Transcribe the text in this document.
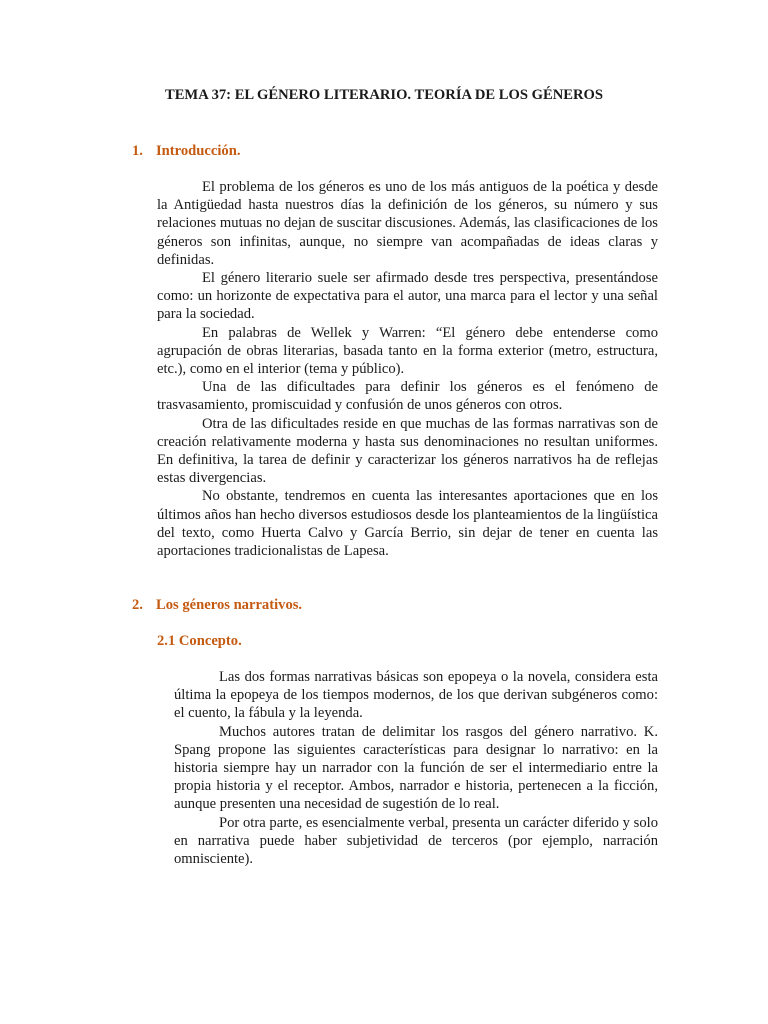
TEMA 37: EL GÉNERO LITERARIO. TEORÍA DE LOS GÉNEROS
1. Introducción.

El problema de los géneros es uno de los más antiguos de la poética y desde la Antigüedad hasta nuestros días la definición de los géneros, su número y sus relaciones mutuas no dejan de suscitar discusiones. Además, las clasificaciones de los géneros son infinitas, aunque, no siempre van acompañadas de ideas claras y definidas.

El género literario suele ser afirmado desde tres perspectiva, presentándose como: un horizonte de expectativa para el autor, una marca para el lector y una señal para la sociedad.

En palabras de Wellek y Warren: “El género debe entenderse como agrupación de obras literarias, basada tanto en la forma exterior (metro, estructura, etc.), como en el interior (tema y público).

Una de las dificultades para definir los géneros es el fenómeno de trasvasamiento, promiscuidad y confusión de unos géneros con otros.

Otra de las dificultades reside en que muchas de las formas narrativas son de creación relativamente moderna y hasta sus denominaciones no resultan uniformes. En definitiva, la tarea de definir y caracterizar los géneros narrativos ha de reflejas estas divergencias.

No obstante, tendremos en cuenta las interesantes aportaciones que en los últimos años han hecho diversos estudiosos desde los planteamientos de la lingüística del texto, como Huerta Calvo y García Berrio, sin dejar de tener en cuenta las aportaciones tradicionalistas de Lapesa.

2. Los géneros narrativos.
2.1 Concepto.

Las dos formas narrativas básicas son epopeya o la novela, considera esta última la epopeya de los tiempos modernos, de los que derivan subgéneros como: el cuento, la fábula y la leyenda.

Muchos autores tratan de delimitar los rasgos del género narrativo. K. Spang propone las siguientes características para designar lo narrativo: en la historia siempre hay un narrador con la función de ser el intermediario entre la propia historia y el receptor. Ambos, narrador e historia, pertenecen a la ficción, aunque presenten una necesidad de sugestión de lo real.

Por otra parte, es esencialmente verbal, presenta un carácter diferido y solo en narrativa puede haber subjetividad de terceros (por ejemplo, narración omnisciente).
